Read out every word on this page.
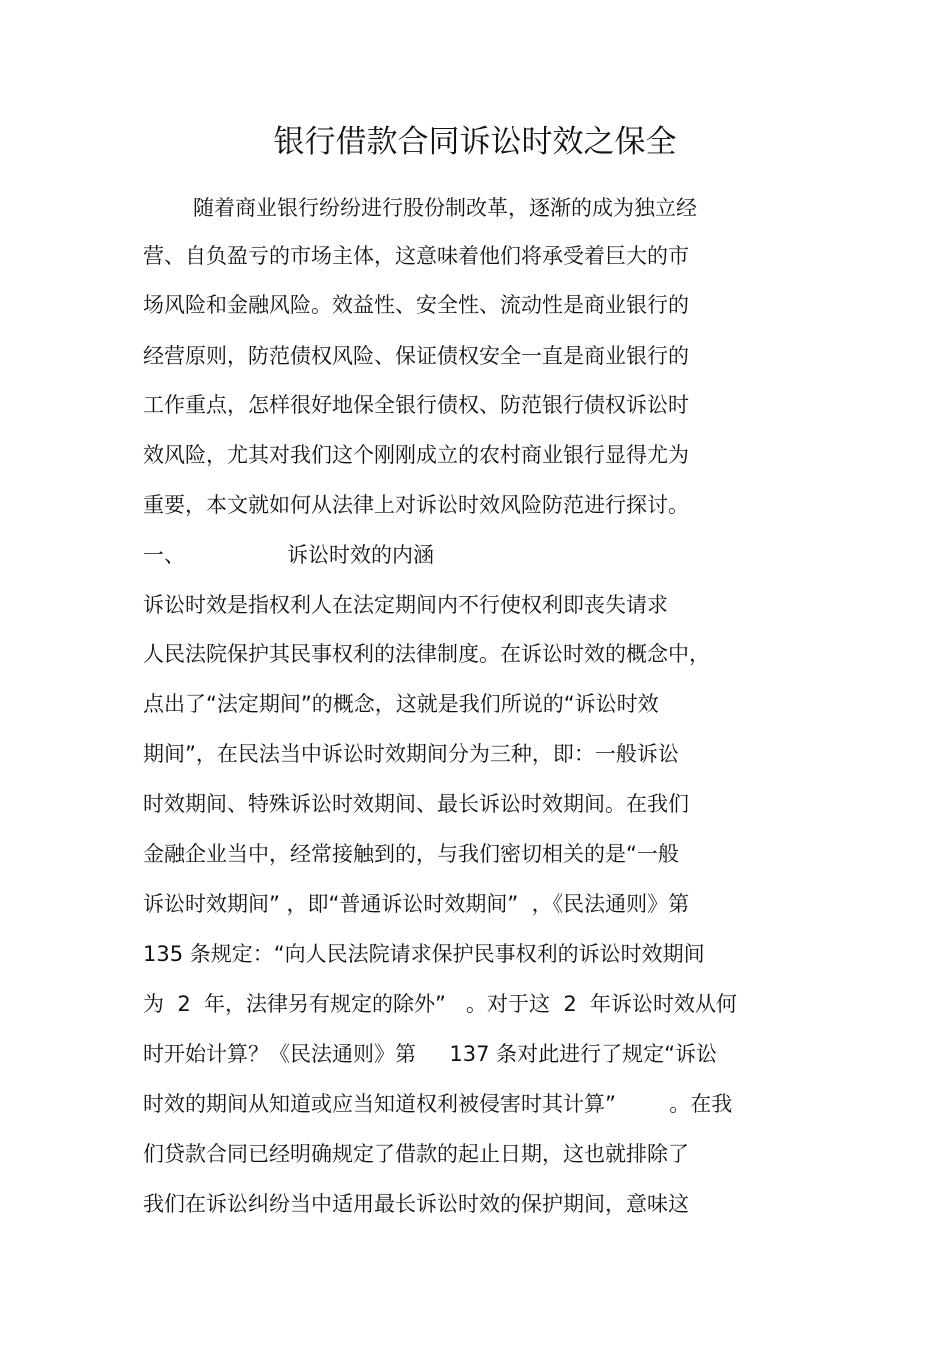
银行借款合同诉讼时效之保全

随着商业银行纷纷进行股份制改革，逐渐的成为独立经

营、自负盈亏的市场主体，这意味着他们将承受着巨大的市

场风险和金融风险。效益性、安全性、流动性是商业银行的

经营原则，防范债权风险、保证债权安全一直是商业银行的

工作重点，怎样很好地保全银行债权、防范银行债权诉讼时

效风险，尤其对我们这个刚刚成立的农村商业银行显得尤为

重要，本文就如何从法律上对诉讼时效风险防范进行探讨。

一、	诉讼时效的内涵

诉讼时效是指权利人在法定期间内不行使权利即丧失请求

人民法院保护其民事权利的法律制度。在诉讼时效的概念中，

点出了“法定期间”的概念，这就是我们所说的“诉讼时效

期间”，在民法当中诉讼时效期间分为三种，即：一般诉讼

时效期间、特殊诉讼时效期间、最长诉讼时效期间。在我们

金融企业当中，经常接触到的，与我们密切相关的是“一般

诉讼时效期间” ，即“普通诉讼时效期间”  ，《民法通则》第

135 条规定：“向人民法院请求保护民事权利的诉讼时效期间

为  2  年，法律另有规定的除外”   。对于这  2  年诉讼时效从何

时开始计算？《民法通则》第     137 条对此进行了规定“诉讼

时效的期间从知道或应当知道权利被侵害时其计算”        。在我

们贷款合同已经明确规定了借款的起止日期，这也就排除了

我们在诉讼纠纷当中适用最长诉讼时效的保护期间，意味这
